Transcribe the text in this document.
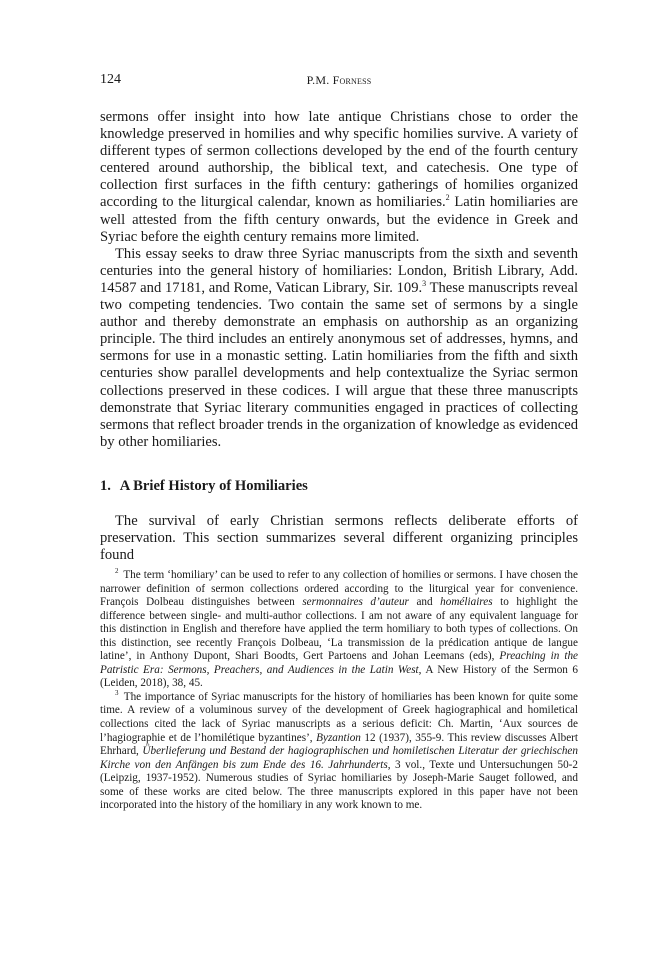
124	P.M. Forness

sermons offer insight into how late antique Christians chose to order the knowledge preserved in homilies and why specific homilies survive. A variety of different types of sermon collections developed by the end of the fourth century centered around authorship, the biblical text, and catechesis. One type of collection first surfaces in the fifth century: gatherings of homilies organized according to the liturgical calendar, known as homiliaries.$^2$ Latin homiliaries are well attested from the fifth century onwards, but the evidence in Greek and Syriac before the eighth century remains more limited.

This essay seeks to draw three Syriac manuscripts from the sixth and seventh centuries into the general history of homiliaries: London, British Library, Add. 14587 and 17181, and Rome, Vatican Library, Sir. 109.$^3$ These manuscripts reveal two competing tendencies. Two contain the same set of sermons by a single author and thereby demonstrate an emphasis on authorship as an organizing principle. The third includes an entirely anonymous set of addresses, hymns, and sermons for use in a monastic setting. Latin homiliaries from the fifth and sixth centuries show parallel developments and help contextualize the Syriac sermon collections preserved in these codices. I will argue that these three manuscripts demonstrate that Syriac literary communities engaged in practices of collecting sermons that reflect broader trends in the organization of knowledge as evidenced by other homiliaries.

1. A Brief History of Homiliaries

The survival of early Christian sermons reflects deliberate efforts of preservation. This section summarizes several different organizing principles found

$^2$ The term ‘homiliary’ can be used to refer to any collection of homilies or sermons. I have chosen the narrower definition of sermon collections ordered according to the liturgical year for convenience. François Dolbeau distinguishes between sermonnaires d’auteur and homéliaires to highlight the difference between single- and multi-author collections. I am not aware of any equivalent language for this distinction in English and therefore have applied the term homiliary to both types of collections. On this distinction, see recently François Dolbeau, ‘La transmission de la prédication antique de langue latine’, in Anthony Dupont, Shari Boodts, Gert Partoens and Johan Leemans (eds), Preaching in the Patristic Era: Sermons, Preachers, and Audiences in the Latin West, A New History of the Sermon 6 (Leiden, 2018), 38, 45.

$^3$ The importance of Syriac manuscripts for the history of homiliaries has been known for quite some time. A review of a voluminous survey of the development of Greek hagiographical and homiletical collections cited the lack of Syriac manuscripts as a serious deficit: Ch. Martin, ‘Aux sources de l’hagiographie et de l’homilétique byzantines’, Byzantion 12 (1937), 355-9. This review discusses Albert Ehrhard, Überlieferung und Bestand der hagiographischen und homiletischen Literatur der griechischen Kirche von den Anfängen bis zum Ende des 16. Jahrhunderts, 3 vol., Texte und Untersuchungen 50-2 (Leipzig, 1937-1952). Numerous studies of Syriac homiliaries by Joseph-Marie Sauget followed, and some of these works are cited below. The three manuscripts explored in this paper have not been incorporated into the history of the homiliary in any work known to me.
